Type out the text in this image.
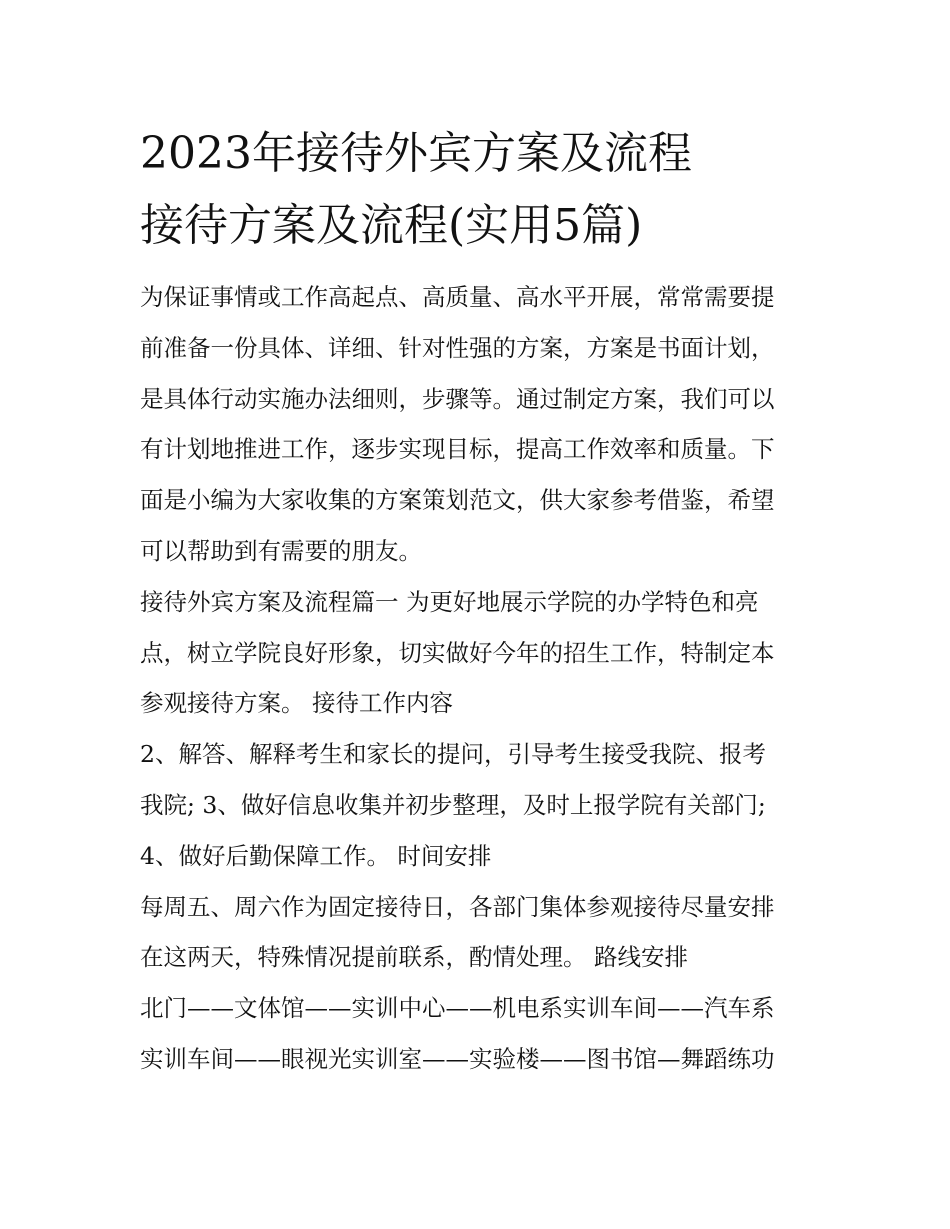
2023年接待外宾方案及流程
接待方案及流程(实用5篇)

为保证事情或工作高起点、高质量、高水平开展，常常需要提

前准备一份具体、详细、针对性强的方案，方案是书面计划，

是具体行动实施办法细则，步骤等。通过制定方案，我们可以

有计划地推进工作，逐步实现目标，提高工作效率和质量。下

面是小编为大家收集的方案策划范文，供大家参考借鉴，希望

可以帮助到有需要的朋友。

接待外宾方案及流程篇一 为更好地展示学院的办学特色和亮

点，树立学院良好形象，切实做好今年的招生工作，特制定本

参观接待方案。 接待工作内容

2、解答、解释考生和家长的提问，引导考生接受我院、报考

我院; 3、做好信息收集并初步整理，及时上报学院有关部门;

4、做好后勤保障工作。 时间安排

每周五、周六作为固定接待日，各部门集体参观接待尽量安排

在这两天，特殊情况提前联系，酌情处理。 路线安排

北门——文体馆——实训中心——机电系实训车间——汽车系

实训车间——眼视光实训室——实验楼——图书馆—舞蹈练功
